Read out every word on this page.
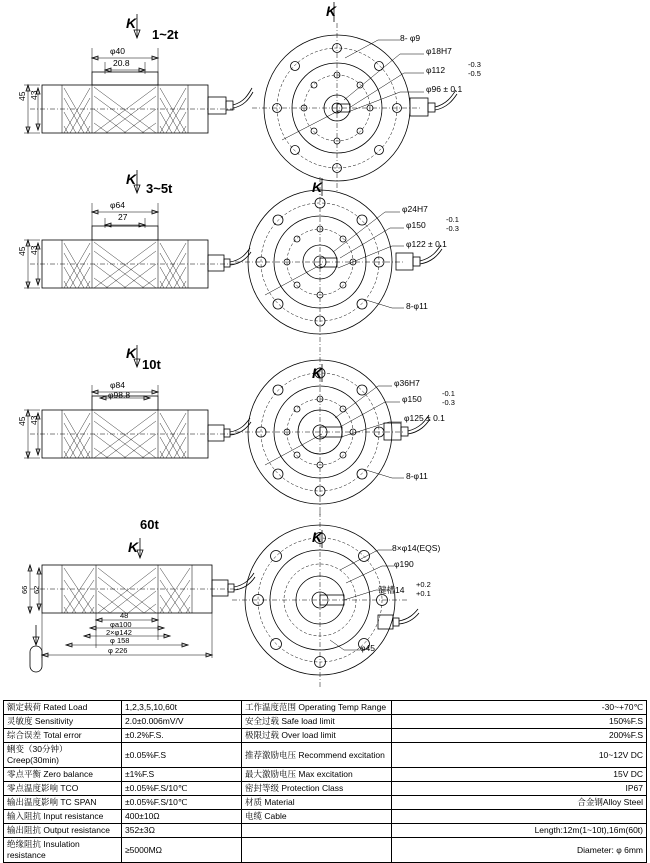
1~2t
K
K
φ40
20.8
45 43
8- φ9
φ18H7
φ112
-0.3
-0.5
φ96 ± 0.1
3~5t
K	K
φ64
27
45 43
φ24H7
φ150
-0.1
-0.3
φ122 ± 0.1
8-φ11
10t
K
K
φ84
φ98.8
45 43
φ36H7
φ150
-0.1
-0.3
φ125 ± 0.1
8-φ11
60t
K
K
66 62
48
φa100
2×φ142
φ 158
φ 226
8×φ14(EQS)
φ190
键槽14
+0.2
+0.1
φ45
额定载荷 Rated Load	1,2,3,5,10,60t	工作温度范围 Operating Temp Range	-30~+70℃
灵敏度 Sensitivity	2.0±0.006mV/V	安全过载 Safe load limit	150%F.S
综合误差 Total error	±0.2%F.S.	极限过载 Over load limit	200%F.S
蜊变（30分钟）Creep(30min)	±0.05%F.S	推荐激励电压 Recommend excitation	10~12V DC
零点平衡 Zero balance	±1%F.S	最大激励电压 Max excitation	15V DC
零点温度影响 TCO	±0.05%F.S/10℃	密封等级 Protection Class	IP67
输出温度影响 TC SPAN	±0.05%F.S/10℃	材质 Material	合金钢Alloy Steel
输入阻抗 Input resistance	400±10Ω	电缆 Cable	
输出阻抗 Output resistance	352±3Ω		Length:12m(1~10t),16m(60t)
绝缘阻抗 Insulation resistance	≥5000MΩ		Diameter: φ 6mm
